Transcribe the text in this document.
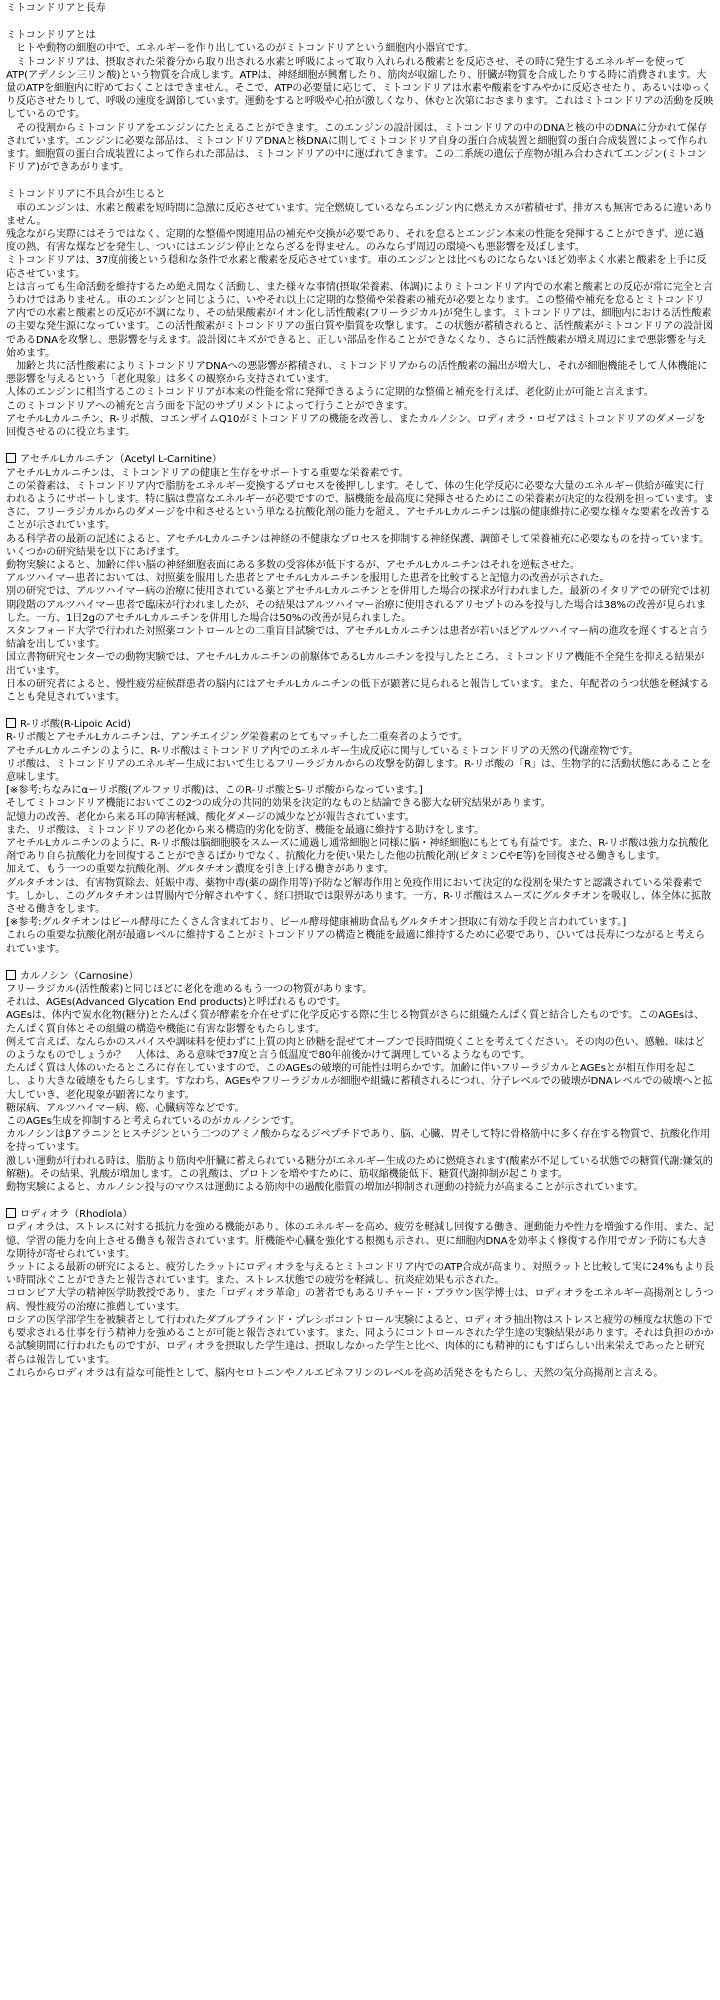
ミトコンドリアと長寿
ミトコンドリアとは
　ヒトや動物の細胞の中で、エネルギーを作り出しているのがミトコンドリアという細胞内小器官です。
　ミトコンドリアは、摂取された栄養分から取り出される水素と呼吸によって取り入れられる酸素とを反応させ、その時に発生するエネルギーを使ってATP(アデノシン三リン酸)という物質を合成します。ATPは、神経細胞が興奮したり、筋肉が収縮したり、肝臓が物質を合成したりする時に消費されます。大量のATPを細胞内に貯めておくことはできません。そこで、ATPの必要量に応じて、ミトコンドリアは水素や酸素をすみやかに反応させたり、あるいはゆっくり反応させたりして、呼吸の速度を調節しています。運動をすると呼吸や心拍が激しくなり、休むと次第におさまります。これはミトコンドリアの活動を反映しているのです。
　その役割からミトコンドリアをエンジンにたとえることができます。このエンジンの設計図は、ミトコンドリアの中のDNAと核の中のDNAに分かれて保存されています。エンジンに必要な部品は、ミトコンドリアDNAと核DNAに則してミトコンドリア自身の蛋白合成装置と細胞質の蛋白合成装置によって作られます。細胞質の蛋白合成装置によって作られた部品は、ミトコンドリアの中に運ばれてきます。この二系統の遺伝子産物が組み合わされてエンジン(ミトコンドリア)ができあがります。
ミトコンドリアに不具合が生じると
　車のエンジンは、水素と酸素を短時間に急激に反応させています。完全燃焼しているならエンジン内に燃えカスが蓄積せず、排ガスも無害であるに違いありません。
残念ながら実際にはそうではなく、定期的な整備や関連用品の補充や交換が必要であり、それを怠るとエンジン本来の性能を発揮することができず、逆に過度の熱、有害な煤などを発生し、ついにはエンジン停止とならざるを得ません。のみならず周辺の環境へも悪影響を及ぼします。
ミトコンドリアは、37度前後という穏和な条件で水素と酸素を反応させています。車のエンジンとは比べものにならないほど効率よく水素と酸素を上手に反応させています。
とは言っても生命活動を維持するため絶え間なく活動し、また様々な事情(摂取栄養素、体調)によりミトコンドリア内での水素と酸素との反応が常に完全と言うわけではありません。車のエンジンと同じように、いやそれ以上に定期的な整備や栄養素の補充が必要となります。この整備や補充を怠るとミトコンドリア内での水素と酸素との反応が不調になり、その結果酸素がイオン化し活性酸素(フリーラジカル)が発生します。ミトコンドリアは、細胞内における活性酸素の主要な発生源になっています。この活性酸素がミトコンドリアの蛋白質や脂質を攻撃します。この状態が蓄積されると、活性酸素がミトコンドリアの設計図であるDNAを攻撃し、悪影響を与えます。設計図にキズができると、正しい部品を作ることができなくなり、さらに活性酸素が増え周辺にまで悪影響を与え始めます。
　加齢と共に活性酸素によりミトコンドリアDNAへの悪影響が蓄積され、ミトコンドリアからの活性酸素の漏出が増大し、それが細胞機能そして人体機能に悪影響を与えるという「老化現象」は多くの観察から支持されています。
人体のエンジンに相当するこのミトコンドリアが本来の性能を常に発揮できるように定期的な整備と補充を行えば、老化防止が可能と言えます。
このミトコンドリアへの補充と言う面を下記のサプリメントによって行うことができます。
アセチルLカルニチン、R-リポ酸、コエンザイムQ10がミトコンドリアの機能を改善し、またカルノシン、ロディオラ・ロゼアはミトコンドリアのダメージを回復させるのに役立ちます。
アセチルLカルニチン（Acetyl L-Carnitine）
アセチルLカルニチンは、ミトコンドリアの健康と生存をサポートする重要な栄養素です。
この栄養素は、ミトコンドリア内で脂肪をエネルギー変換するプロセスを後押しします。そして、体の生化学反応に必要な大量のエネルギー供給が確実に行われるようにサポートします。特に脳は豊富なエネルギーが必要ですので、脳機能を最高度に発揮させるためにこの栄養素が決定的な役割を担っています。まさに、フリーラジカルからのダメージを中和させるという単なる抗酸化剤の能力を超え、アセチルLカルニチンは脳の健康維持に必要な様々な要素を改善することが示されています。
ある科学者の最新の記述によると、アセチルLカルニチンは神経の不健康なプロセスを抑制する神経保護、調節そして栄養補充に必要なものを持っています。
いくつかの研究結果を以下にあげます。
動物実験によると、加齢に伴い脳の神経細胞表面にある多数の受容体が低下するが、アセチルLカルニチンはそれを逆転させた。
アルツハイマー患者においては、対照薬を服用した患者とアセチルLカルニチンを服用した患者を比較すると記憶力の改善が示された。
別の研究では、アルツハイマー病の治療に使用されている薬とアセチルLカルニチンとを併用した場合の探求が行われました。最新のイタリアでの研究では初期段階のアルツハイマー患者で臨床が行われましたが、その結果はアルツハイマー治療に使用されるアリセプトのみを投与した場合は38%の改善が見られました。一方、1日2gのアセチルLカルニチンを併用した場合は50%の改善が見られました。
スタンフォード大学で行われた対照薬コントロールとの二重盲目試験では、アセチルLカルニチンは患者が若いほどアルツハイマー病の進攻を遅くすると言う結論を出しています。
国立書物研究センターでの動物実験では、アセチルLカルニチンの前駆体であるLカルニチンを投与したところ、ミトコンドリア機能不全発生を抑える結果が出ています。
日本の研究者によると、慢性疲労症候群患者の脳内にはアセチルLカルニチンの低下が顕著に見られると報告しています。また、年配者のうつ状態を軽減することも発見されています。
R-リポ酸(R-Lipoic Acid)
R-リポ酸とアセチルLカルニチンは、アンチエイジング栄養素のとてもマッチした二重奏者のようです。
アセチルLカルニチンのように、R-リポ酸はミトコンドリア内でのエネルギー生成反応に関与しているミトコンドリアの天然の代謝産物です。
リポ酸は、ミトコンドリアのエネルギー生成において生じるフリーラジカルからの攻撃を防御します。R-リポ酸の「R」は、生物学的に活動状態にあることを意味します。
[※参考:ちなみにαーリポ酸(アルファリポ酸)は、このR-リポ酸とS-リポ酸からなっています。]
そしてミトコンドリア機能においてこの2つの成分の共同的効果を決定的なものと結論できる膨大な研究結果があります。
記憶力の改善、老化から来る耳の障害軽減、酸化ダメージの減少などが報告されています。
また、リポ酸は、ミトコンドリアの老化から来る構造的劣化を防ぎ、機能を最適に維持する助けをします。
アセチルLカルニチンのように、R-リポ酸は脳細胞膜をスムーズに通過し通常細胞と同様に脳・神経細胞にもとても有益です。また、R-リポ酸は強力な抗酸化剤であり自ら抗酸化力を回復することができるばかりでなく、抗酸化力を使い果たした他の抗酸化剤(ビタミンCやE等)を回復させる働きもします。
加えて、もう一つの重要な抗酸化剤、グルタチオン濃度を引き上げる働きがあります。
グルタチオンは、有害物質除去、妊娠中毒、薬物中毒(薬の副作用等)予防など解毒作用と免疫作用において決定的な役割を果たすと認識されている栄養素です。しかし、このグルタチオンは胃腸内で分解されやすく、経口摂取では限界があります。一方、R-リポ酸はスムーズにグルタチオンを吸収し、体全体に拡散させる働きをします。
[※参考:グルタチオンはビール酵母にたくさん含まれており、ビール酵母健康補助食品もグルタチオン摂取に有効な手段と言われています。]
これらの重要な抗酸化剤が最適レベルに維持することがミトコンドリアの構造と機能を最適に維持するために必要であり、ひいては長寿につながると考えられています。
カルノシン（Carnosine）
フリーラジカル(活性酸素)と同じほどに老化を進めるもう一つの物質があります。
それは、AGEs(Advanced Glycation End products)と呼ばれるものです。
AGEsは、体内で炭水化物(糖分)とたんぱく質が酵素を介在せずに化学反応する際に生じる物質がさらに組織たんぱく質と結合したものです。このAGEsは、たんぱく質自体とその組織の構造や機能に有害な影響をもたらします。
例えて言えば、なんらかのスパイスや調味料を使わずに上質の肉と砂糖を混ぜてオーブンで長時間焼くことを考えてください。その肉の色い、感触、味はどのようなものでしょうか？　人体は、ある意味で37度と言う低温度で80年前後かけて調理しているようなものです。
たんぱく質は人体のいたるところに存在していますので、このAGEsの破壊的可能性は明らかです。加齢に伴いフリーラジカルとAGEsとが相互作用を起こし、より大きな破壊をもたらします。すなわち、AGEsやフリーラジカルが細胞や組織に蓄積されるにつれ、分子レベルでの破壊がDNAレベルでの破壊へと拡大していき、老化現象が顕著になります。
糖尿病、アルツハイマー病、癌、心臓病等などです。
このAGEs生成を抑制すると考えられているのがカルノシンです。
カルノシンはβアラニンとヒスチジンという二つのアミノ酸からなるジペプチドであり、脳、心臓、胃そして特に骨格筋中に多く存在する物質で、抗酸化作用を持っています。
激しい運動が行われる時は、脂肪より筋肉や肝臓に蓄えられている糖分がエネルギー生成のために燃焼されます(酸素が不足している状態での糖質代謝:嫌気的解糖)。その結果、乳酸が増加します。この乳酸は、プロトンを増やすために、筋収縮機能低下、糖質代謝抑制が起こります。
動物実験によると、カルノシン投与のマウスは運動による筋肉中の過酸化脂質の増加が抑制され運動の持続力が高まることが示されています。
ロディオラ（Rhodiola）
ロディオラは、ストレスに対する抵抗力を強める機能があり、体のエネルギーを高め、疲労を軽減し回復する働き、運動能力や性力を増強する作用、また、記憶、学習の能力を向上させる働きも報告されています。肝機能や心臓を強化する根拠も示され、更に細胞内DNAを効率よく修復する作用でガン予防にも大きな期待が寄せられています。
ラットによる最新の研究によると、疲労したラットにロディオラを与えるとミトコンドリア内でのATP合成が高まり、対照ラットと比較して実に24%もより長い時間泳ぐことができたと報告されています。また、ストレス状態での疲労を軽減し、抗炎症効果も示された。
コロンビア大学の精神医学助教授であり、また「ロディオラ革命」の著者でもあるリチャード・ブラウン医学博士は、ロディオラをエネルギー高揚剤としうつ病、慢性疲労の治療に推薦しています。
ロシアの医学部学生を被験者として行われたダブルブラインド・プレシボコントロール実験によると、ロディオラ抽出物はストレスと疲労の極度な状態の下でも要求される仕事を行う精神力を強めることが可能と報告されています。また、同ようにコントロールされた学生達の実験結果があります。それは負担のかかる試験期間に行われたものですが、ロディオラを摂取した学生達は、摂取しなかった学生と比べ、肉体的にも精神的にもすばらしい出来栄えであったと研究者らは報告しています。
これらからロディオラは有益な可能性として、脳内セロトニンやノルエピネフリンのレベルを高め活発さをもたらし、天然の気分高揚剤と言える。
